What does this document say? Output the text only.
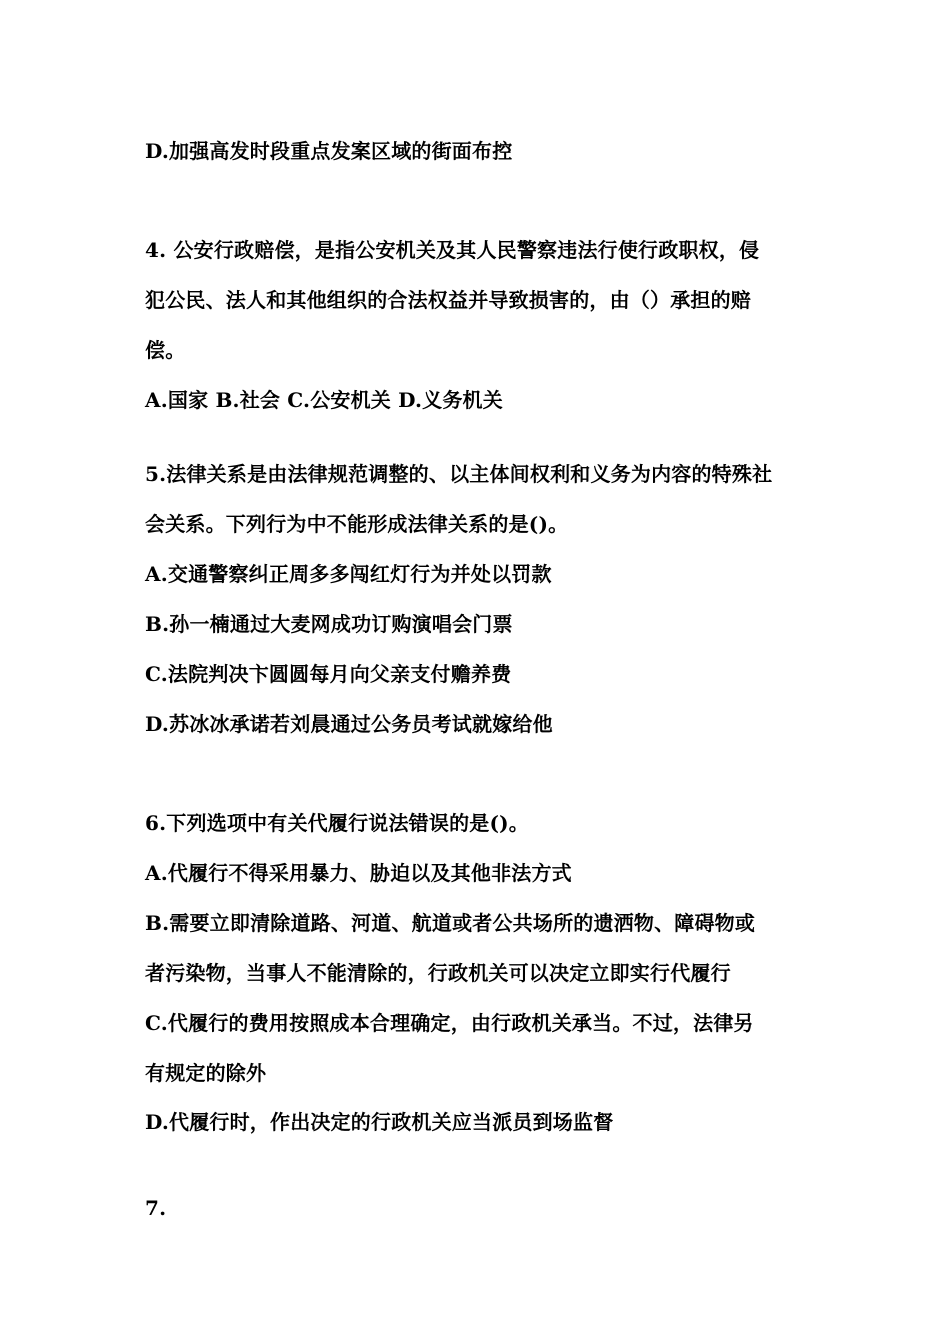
D.加强高发时段重点发案区域的街面布控
4. 公安行政赔偿，是指公安机关及其人民警察违法行使行政职权，侵
犯公民、法人和其他组织的合法权益并导致损害的，由（）承担的赔
偿。
A.国家 B.社会 C.公安机关 D.义务机关
5.法律关系是由法律规范调整的、以主体间权利和义务为内容的特殊社
会关系。下列行为中不能形成法律关系的是()。
A.交通警察纠正周多多闯红灯行为并处以罚款
B.孙一楠通过大麦网成功订购演唱会门票
C.法院判决卞圆圆每月向父亲支付赡养费
D.苏冰冰承诺若刘晨通过公务员考试就嫁给他
6.下列选项中有关代履行说法错误的是()。
A.代履行不得采用暴力、胁迫以及其他非法方式
B.需要立即清除道路、河道、航道或者公共场所的遗洒物、障碍物或
者污染物，当事人不能清除的，行政机关可以决定立即实行代履行
C.代履行的费用按照成本合理确定，由行政机关承当。不过，法律另
有规定的除外
D.代履行时，作出决定的行政机关应当派员到场监督
7.
